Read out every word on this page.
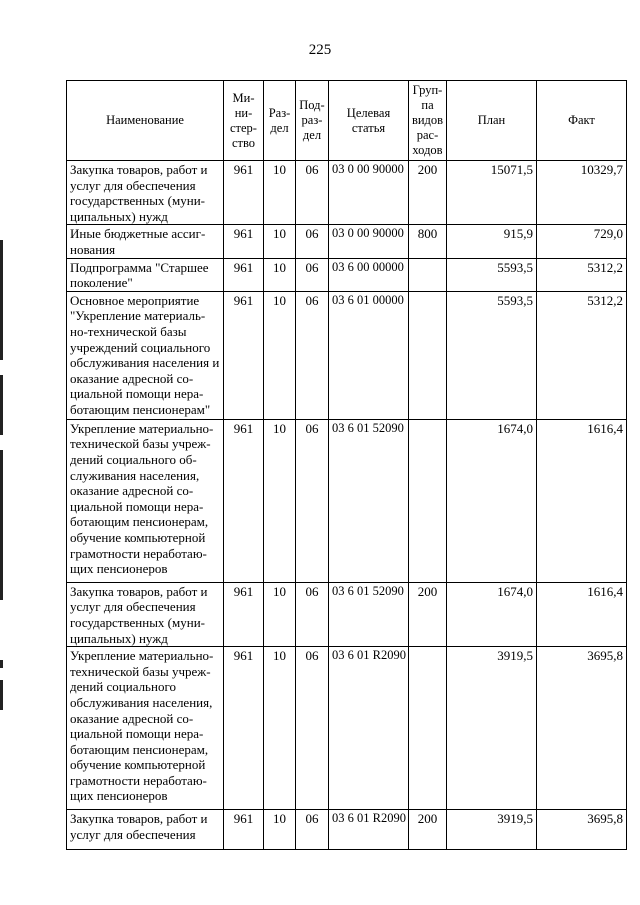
225
Наименование	Ми-ни-стер-ство	Раз-дел	Под-раз-дел	Целевая статья	Груп-па видов рас-ходов	План	Факт
Закупка товаров, работ и услуг для обеспечения государственных (муни-ципальных) нужд	961	10	06	03 0 00 90000	200	15071,5	10329,7
Иные бюджетные ассиг-нования	961	10	06	03 0 00 90000	800	915,9	729,0
Подпрограмма "Старшее поколение"	961	10	06	03 6 00 00000		5593,5	5312,2
Основное мероприятие "Укрепление материаль-но-технической базы учреждений социального обслуживания населения и оказание адресной со-циальной помощи нера-ботающим пенсионерам"	961	10	06	03 6 01 00000		5593,5	5312,2
Укрепление материально-технической базы учреж-дений социального об-служивания населения, оказание адресной со-циальной помощи нера-ботающим пенсионерам, обучение компьютерной грамотности неработаю-щих пенсионеров	961	10	06	03 6 01 52090		1674,0	1616,4
Закупка товаров, работ и услуг для обеспечения государственных (муни-ципальных) нужд	961	10	06	03 6 01 52090	200	1674,0	1616,4
Укрепление материально-технической базы учреж-дений социального обслуживания населения, оказание адресной со-циальной помощи нера-ботающим пенсионерам, обучение компьютерной грамотности неработаю-щих пенсионеров	961	10	06	03 6 01 R2090		3919,5	3695,8
Закупка товаров, работ и услуг для обеспечения	961	10	06	03 6 01 R2090	200	3919,5	3695,8
